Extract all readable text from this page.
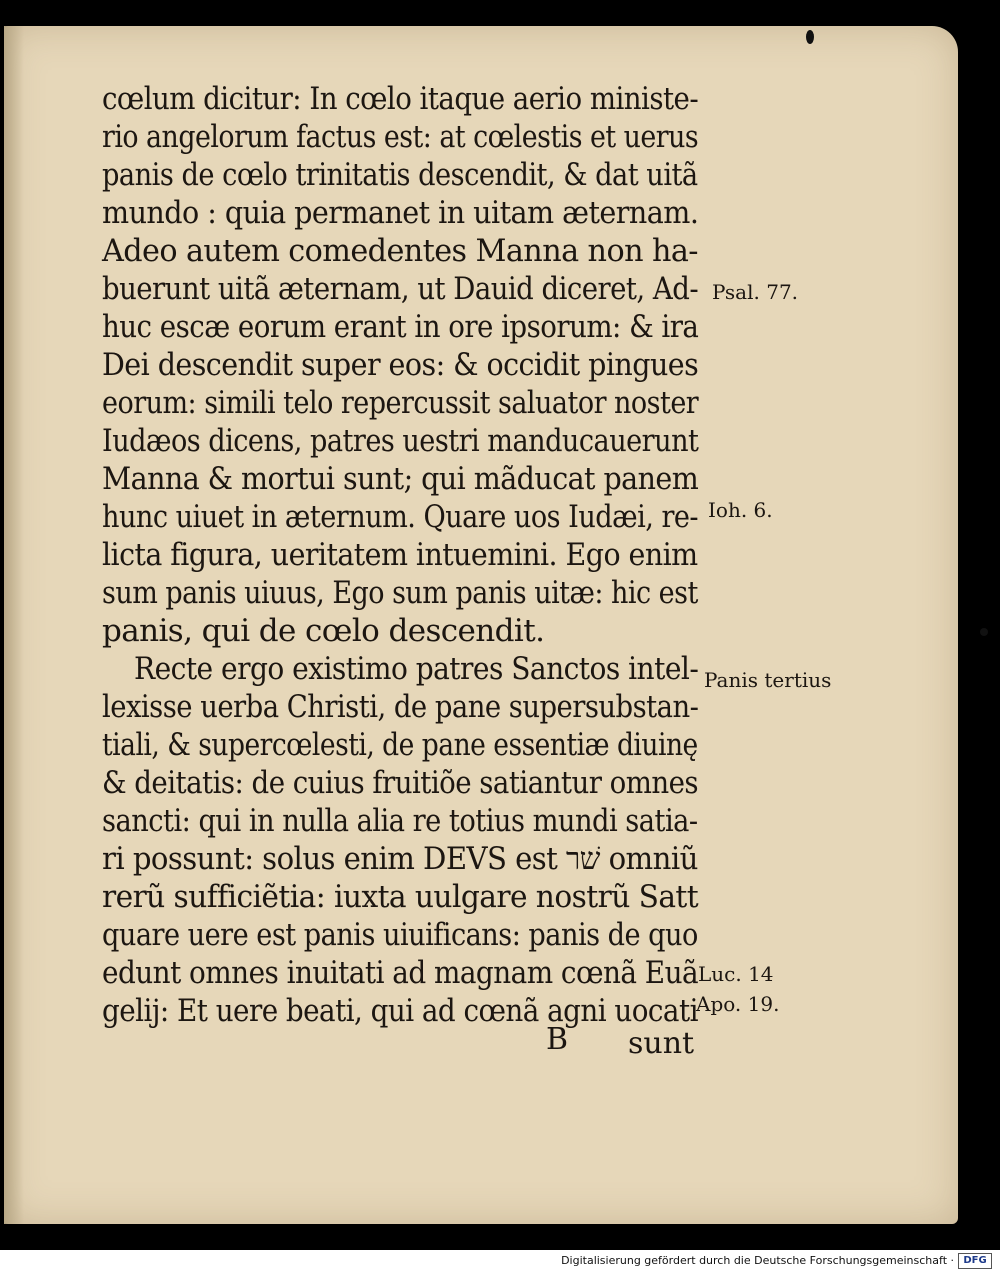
cœlum dicitur: In cœlo itaque aerio ministe-
rio angelorum factus est: at cœlestis et uerus
panis de cœlo trinitatis descendit, & dat uitã
mundo : quia permanet in uitam æternam.
Adeo autem comedentes Manna non ha-
buerunt uitã æternam, ut Dauid diceret, Ad-
huc escæ eorum erant in ore ipsorum: & ira
Dei descendit super eos: & occidit pingues
eorum: simili telo repercussit saluator noster
Iudæos dicens, patres uestri manducauerunt
Manna & mortui sunt; qui mãducat panem
hunc uiuet in æternum. Quare uos Iudæi, re-
licta figura, ueritatem intuemini. Ego enim
sum panis uiuus, Ego sum panis uitæ: hic est
panis, qui de cœlo descendit.
Recte ergo existimo patres Sanctos intel-
lexisse uerba Christi, de pane supersubstan-
tiali, & supercœlesti, de pane essentiæ diuinę
& deitatis: de cuius fruitiõe satiantur omnes
sancti: qui in nulla alia re totius mundi satia-
ri possunt: solus enim DEVS est שׁר omniũ
rerũ sufficiẽtia: iuxta uulgare nostrũ Satt
quare uere est panis uiuificans: panis de quo
edunt omnes inuitati ad magnam cœnã Euã
gelij: Et uere beati, qui ad cœnã agni uocati
Psal. 77.
Ioh. 6.
Panis tertius
Luc. 14
Apo. 19.
B sunt
Digitalisierung gefördert durch die Deutsche Forschungsgemeinschaft · DFG
